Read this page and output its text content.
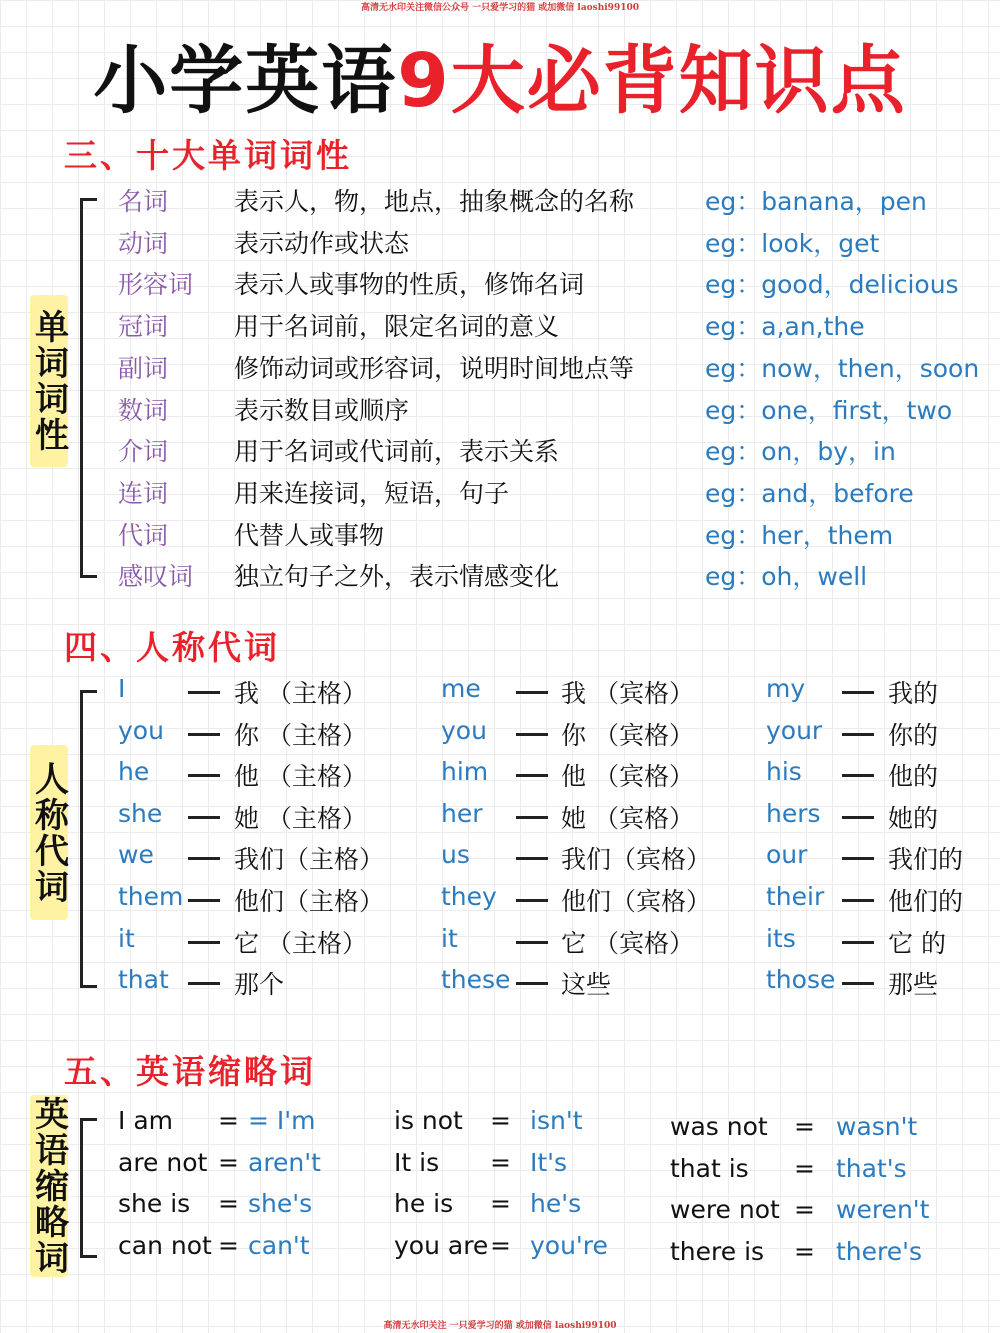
高清无水印关注微信公众号 一只爱学习的猫 或加微信 laoshi99100
小学英语9大必背知识点
三、十大单词词性
单词词性
名词	表示人，物，地点，抽象概念的名称	eg：banana，pen
动词	表示动作或状态	eg：look，get
形容词 表示人或事物的性质，修饰名词	eg：good，delicious
冠词	用于名词前，限定名词的意义	eg：a,an,the
副词	修饰动词或形容词，说明时间地点等	eg：now，then，soon
数词	表示数目或顺序	eg：one，first，two
介词	用于名词或代词前，表示关系	eg：on，by，in
连词	用来连接词，短语，句子	eg：and，before
代词	代替人或事物	eg：her，them
感叹词 独立句子之外，表示情感变化	eg：oh，well
四、人称代词
人称代词
I	我 （主格）	me	我 （宾格）	my	我的
you	你 （主格）	you	你 （宾格）	your	你的
he	他 （主格）	him	他 （宾格）	his	他的
she	她 （主格）	her	她 （宾格）	hers	她的
we	我们（主格） us	我们（宾格） our	我们的
them 他们（主格） they	他们（宾格） their	他们的
it	它 （主格）	it	它 （宾格）	its	它 的
that	那个	these 这些	those 那些
五、英语缩略词
英语缩略词 I am = = I'm
are not = aren't
she is = she's
can not = can't
is not = isn't
It is = It's
he is = he's
you are = you're
was not = wasn't
that is = that's
were not = weren't
there is = there's
高清无水印关注 一只爱学习的猫 或加微信 laoshi99100
